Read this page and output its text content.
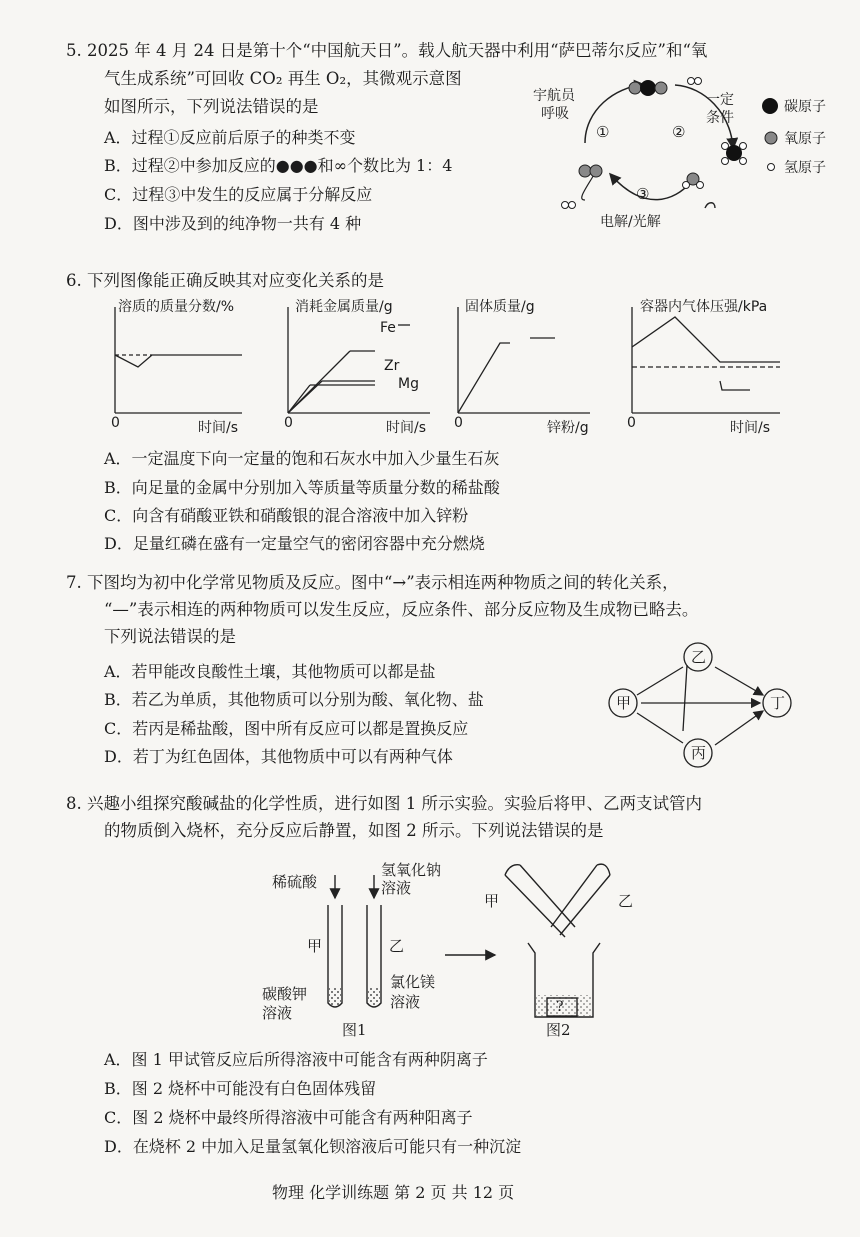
5. 2025 年 4 月 24 日是第十个“中国航天日”。载人航天器中利用“萨巴蒂尔反应”和“氧
气生成系统”可回收 CO₂ 再生 O₂，其微观示意图
如图所示，下列说法错误的是
A．过程①反应前后原子的种类不变
B．过程②中参加反应的●●●和∞个数比为 1：4
C．过程③中发生的反应属于分解反应
D．图中涉及到的纯净物一共有 4 种
宇航员
呼吸
一定
条件
①	②
③
电解/光解
碳原子
氧原子
氢原子
6. 下列图像能正确反映其对应变化关系的是
溶质的质量分数/%	消耗金属质量/g	固体质量/g	容器内气体压强/kPa
Fe
Zr
Mg
0	时间/s	0	时间/s 0	锌粉/g	0	时间/s
A．一定温度下向一定量的饱和石灰水中加入少量生石灰
B．向足量的金属中分别加入等质量等质量分数的稀盐酸
C．向含有硝酸亚铁和硝酸银的混合溶液中加入锌粉
D．足量红磷在盛有一定量空气的密闭容器中充分燃烧
7. 下图均为初中化学常见物质及反应。图中“→”表示相连两种物质之间的转化关系，
“—”表示相连的两种物质可以发生反应，反应条件、部分反应物及生成物已略去。
下列说法错误的是
A．若甲能改良酸性土壤，其他物质可以都是盐
B．若乙为单质，其他物质可以分别为酸、氧化物、盐
C．若丙是稀盐酸，图中所有反应可以都是置换反应
D．若丁为红色固体，其他物质中可以有两种气体
甲
乙
丁
丙
8. 兴趣小组探究酸碱盐的化学性质，进行如图 1 所示实验。实验后将甲、乙两支试管内
的物质倒入烧杯，充分反应后静置，如图 2 所示。下列说法错误的是
稀硫酸
氢氧化钠
溶液
甲	乙
碳酸钾
溶液
氯化镁
溶液
图1
甲	乙
?
图2
A．图 1 甲试管反应后所得溶液中可能含有两种阴离子
B．图 2 烧杯中可能没有白色固体残留
C．图 2 烧杯中最终所得溶液中可能含有两种阳离子
D．在烧杯 2 中加入足量氢氧化钡溶液后可能只有一种沉淀
物理 化学训练题 第 2 页 共 12 页
